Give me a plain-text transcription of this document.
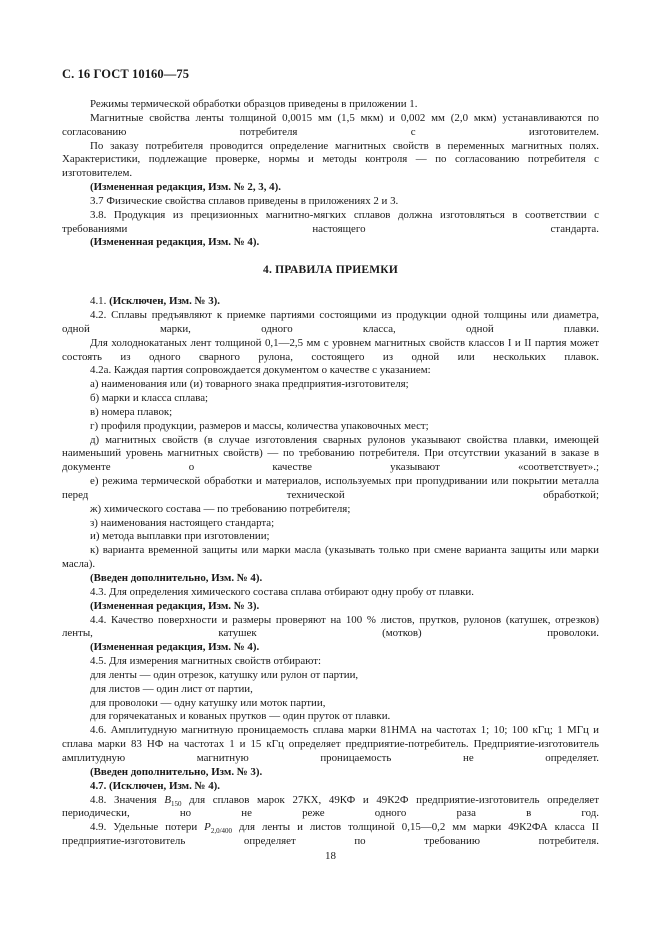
С. 16 ГОСТ 10160—75

Режимы термической обработки образцов приведены в приложении 1.

Магнитные свойства ленты толщиной 0,0015 мм (1,5 мкм) и 0,002 мм (2,0 мкм) устанавливаются по согласованию потребителя с изготовителем.

По заказу потребителя проводится определение магнитных свойств в переменных магнитных полях. Характеристики, подлежащие проверке, нормы и методы контроля — по согласованию потребителя с изготовителем.

(Измененная редакция, Изм. № 2, 3, 4).

3.7 Физические свойства сплавов приведены в приложениях 2 и 3.

3.8. Продукция из прецизионных магнитно-мягких сплавов должна изготовляться в соответствии с требованиями настоящего стандарта.

(Измененная редакция, Изм. № 4).

4. ПРАВИЛА ПРИЕМКИ

4.1. (Исключен, Изм. № 3).

4.2. Сплавы предъявляют к приемке партиями состоящими из продукции одной толщины или диаметра, одной марки, одного класса, одной плавки.

Для холоднокатаных лент толщиной 0,1—2,5 мм с уровнем магнитных свойств классов I и II партия может состоять из одного сварного рулона, состоящего из одной или нескольких плавок.

4.2а. Каждая партия сопровождается документом о качестве с указанием:

а) наименования или (и) товарного знака предприятия-изготовителя;

б) марки и класса сплава;

в) номера плавок;

г) профиля продукции, размеров и массы, количества упаковочных мест;

д) магнитных свойств (в случае изготовления сварных рулонов указывают свойства плавки, имеющей наименьший уровень магнитных свойств) — по требованию потребителя. При отсутствии указаний в заказе в документе о качестве указывают «соответствует».;

е) режима термической обработки и материалов, используемых при пропудривании или покрытии металла перед технической обработкой;

ж) химического состава — по требованию потребителя;

з) наименования настоящего стандарта;

и) метода выплавки при изготовлении;

к) варианта временной защиты или марки масла (указывать только при смене варианта защиты или марки масла).

(Введен дополнительно, Изм. № 4).

4.3. Для определения химического состава сплава отбирают одну пробу от плавки.

(Измененная редакция, Изм. № 3).

4.4. Качество поверхности и размеры проверяют на 100 % листов, прутков, рулонов (катушек, отрезков) ленты, катушек (мотков) проволоки.

(Измененная редакция, Изм. № 4).

4.5. Для измерения магнитных свойств отбирают:

для ленты — один отрезок, катушку или рулон от партии,

для листов — один лист от партии,

для проволоки — одну катушку или моток партии,

для горячекатаных и кованых прутков — один пруток от плавки.

4.6. Амплитудную магнитную проницаемость сплава марки 81НМА на частотах 1; 10; 100 кГц; 1 МГц и сплава марки 83 НФ на частотах 1 и 15 кГц определяет предприятие-потребитель. Предприятие-изготовитель амплитудную магнитную проницаемость не определяет.

(Введен дополнительно, Изм. № 3).

4.7. (Исключен, Изм. № 4).

4.8. Значения $B_{150}$ для сплавов марок 27КХ, 49КФ и 49К2Ф предприятие-изготовитель определяет периодически, но не реже одного раза в год.

4.9. Удельные потери $P_{2,0/400}$ для ленты и листов толщиной 0,15—0,2 мм марки 49К2ФА класса II предприятие-изготовитель определяет по требованию потребителя.

18
